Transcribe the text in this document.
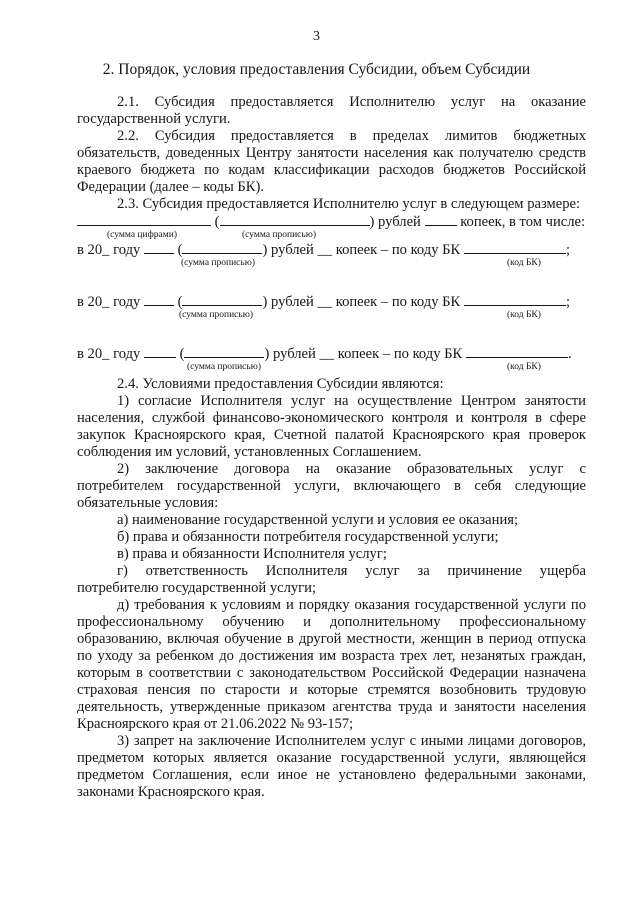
3
2. Порядок, условия предоставления Субсидии, объем Субсидии

2.1. Субсидия предоставляется Исполнителю услуг на оказание государственной услуги.

2.2. Субсидия предоставляется в пределах лимитов бюджетных обязательств, доведенных Центру занятости населения как получателю средств краевого бюджета по кодам классификации расходов бюджетов Российской Федерации (далее – коды БК).

2.3. Субсидия предоставляется Исполнителю услуг в следующем размере:

(	) рублей	копеек, в том числе:
(сумма цифрами)	(сумма прописью)
в 20_ году  (	) рублей __ копеек – по коду БК	;
(сумма прописью)	(код БК)
в 20_ году  (	) рублей __ копеек – по коду БК	;
(сумма прописью)	(код БК)
в 20_ году  (	) рублей __ копеек – по коду БК	.
(сумма прописью)	(код БК)

2.4. Условиями предоставления Субсидии являются:

1) согласие Исполнителя услуг на осуществление Центром занятости населения, службой финансово-экономического контроля и контроля в сфере закупок Красноярского края, Счетной палатой Красноярского края проверок соблюдения им условий, установленных Соглашением.

2) заключение договора на оказание образовательных услуг с потребителем государственной услуги, включающего в себя следующие обязательные условия:

а) наименование государственной услуги и условия ее оказания;

б) права и обязанности потребителя государственной услуги;

в) права и обязанности Исполнителя услуг;

г) ответственность Исполнителя услуг за причинение ущерба потребителю государственной услуги;

д) требования к условиям и порядку оказания государственной услуги по профессиональному обучению и дополнительному профессиональному образованию, включая обучение в другой местности, женщин в период отпуска по уходу за ребенком до достижения им возраста трех лет, незанятых граждан, которым в соответствии с законодательством Российской Федерации назначена страховая пенсия по старости и которые стремятся возобновить трудовую деятельность, утвержденные приказом агентства труда и занятости населения Красноярского края от 21.06.2022 № 93-157;

3) запрет на заключение Исполнителем услуг с иными лицами договоров, предметом которых является оказание государственной услуги, являющейся предметом Соглашения, если иное не установлено федеральными законами, законами Красноярского края.
